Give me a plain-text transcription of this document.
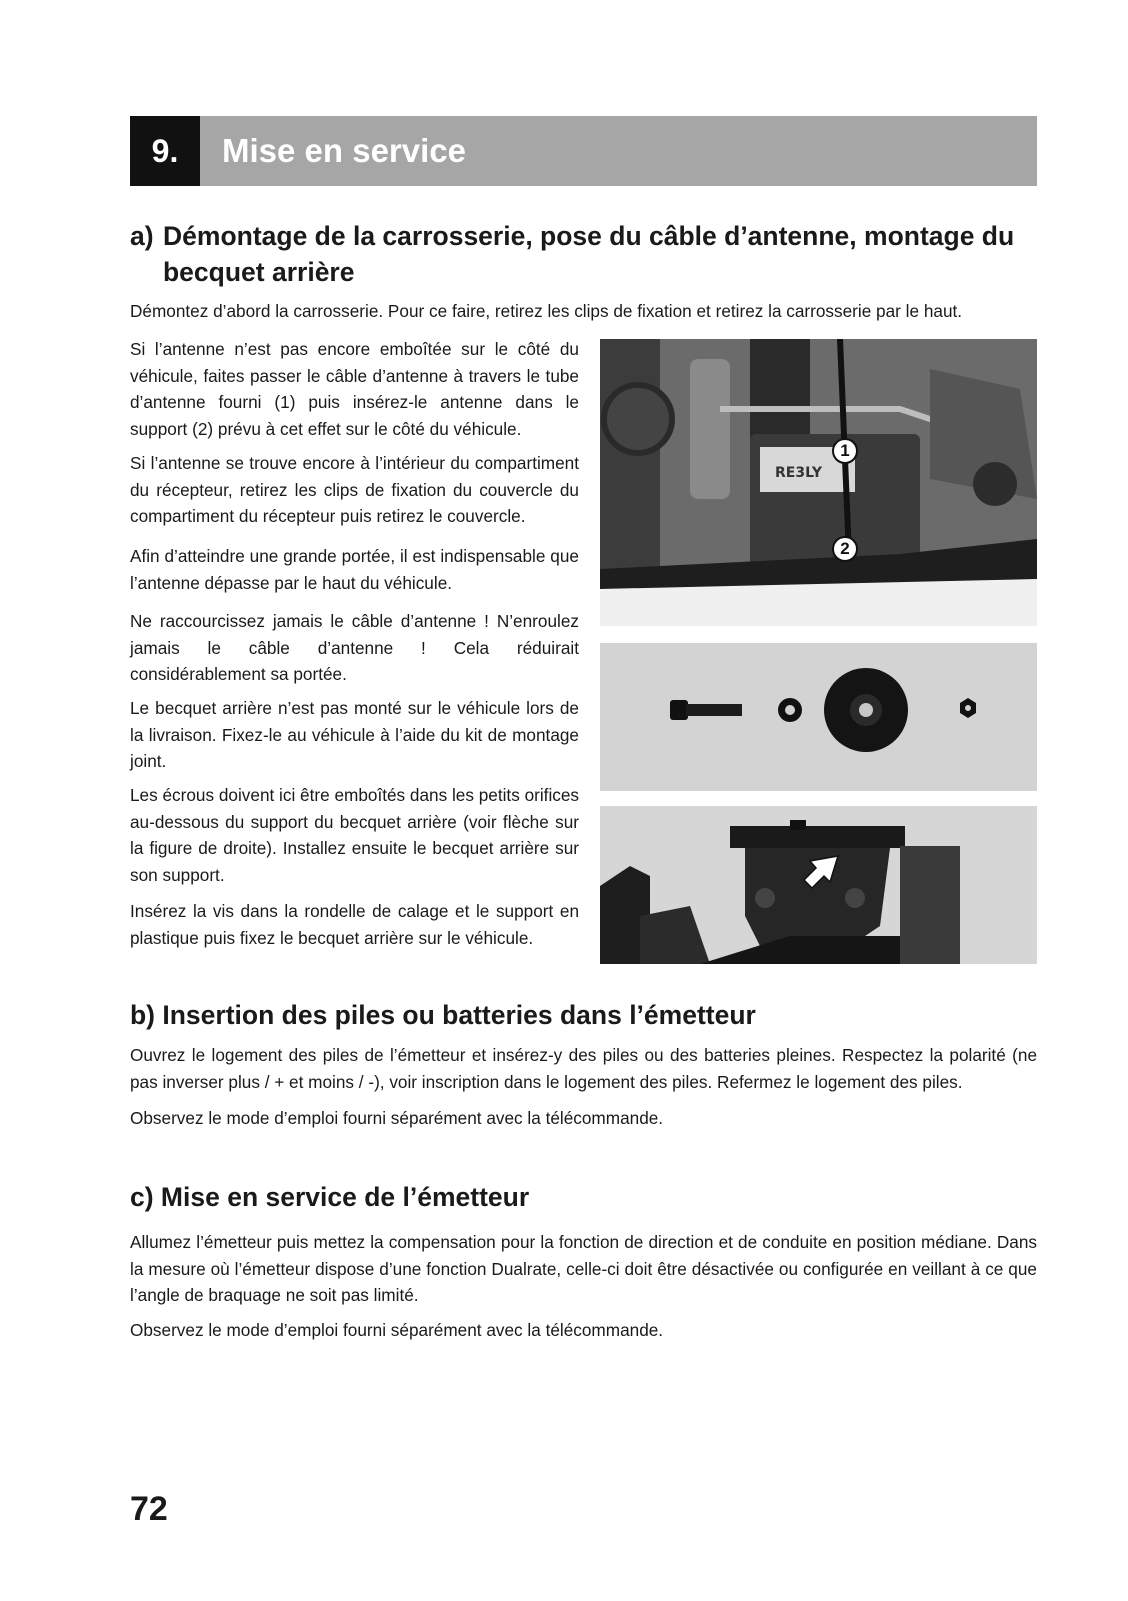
9.	Mise en service
a) Démontage de la carrosserie, pose du câble d’antenne, montage du becquet arrière

Démontez d’abord la carrosserie. Pour ce faire, retirez les clips de fixation et retirez la carrosserie par le haut.

Si l’antenne n’est pas encore emboîtée sur le côté du véhicule, faites passer le câble d’antenne à travers le tube d’antenne fourni (1) puis insérez-le antenne dans le support (2) prévu à cet effet sur le côté du véhicule.

Si l’antenne se trouve encore à l’intérieur du compartiment du récepteur, retirez les clips de fixation du couvercle du compartiment du récepteur puis retirez le couvercle.

Afin d’atteindre une grande portée, il est indispensable que l’antenne dépasse par le haut du véhicule.

Ne raccourcissez jamais le câble d’antenne ! N’enroulez jamais le câble d’antenne ! Cela réduirait considérablement sa portée.

Le becquet arrière n’est pas monté sur le véhicule lors de la livraison. Fixez-le au véhicule à l’aide du kit de montage joint.

Les écrous doivent ici être emboîtés dans les petits orifices au-dessous du support du becquet arrière (voir flèche sur la figure de droite). Installez ensuite le becquet arrière sur son support.

Insérez la vis dans la rondelle de calage et le support en plastique puis fixez le becquet arrière sur le véhicule.

RE3LY
1
2
b) Insertion des piles ou batteries dans l’émetteur

Ouvrez le logement des piles de l’émetteur et insérez-y des piles ou des batteries pleines. Respectez la polarité (ne pas inverser plus / + et moins / -), voir inscription dans le logement des piles. Refermez le logement des piles.

Observez le mode d’emploi fourni séparément avec la télécommande.

c) Mise en service de l’émetteur

Allumez l’émetteur puis mettez la compensation pour la fonction de direction et de conduite en position médiane. Dans la mesure où l’émetteur dispose d’une fonction Dualrate, celle-ci doit être désactivée ou configurée en veillant à ce que l’angle de braquage ne soit pas limité.

Observez le mode d’emploi fourni séparément avec la télécommande.

72
